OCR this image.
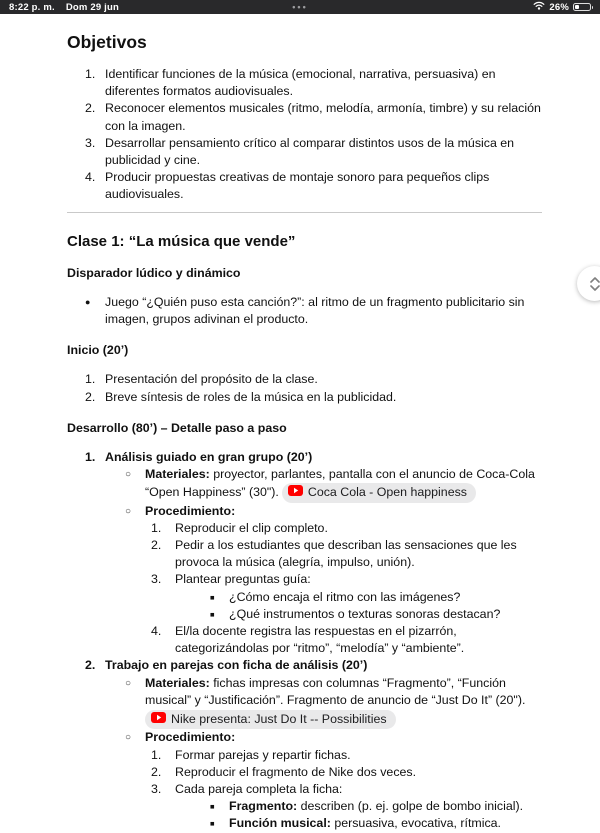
8:22 p. m. Dom 29 jun	•••	26%
Objetivos
1. Identificar funciones de la música (emocional, narrativa, persuasiva) en diferentes formatos audiovisuales.
2. Reconocer elementos musicales (ritmo, melodía, armonía, timbre) y su relación con la imagen.
3. Desarrollar pensamiento crítico al comparar distintos usos de la música en publicidad y cine.
4. Producir propuestas creativas de montaje sonoro para pequeños clips audiovisuales.
Clase 1: “La música que vende”
Disparador lúdico y dinámico
●	Juego “¿Quién puso esta canción?”: al ritmo de un fragmento publicitario sin imagen, grupos adivinan el producto.
Inicio (20’)
1. Presentación del propósito de la clase.
2. Breve síntesis de roles de la música en la publicidad.
Desarrollo (80’) – Detalle paso a paso
1. Análisis guiado en gran grupo (20’)
○	Materiales: proyector, parlantes, pantalla con el anuncio de Coca-Cola “Open Happiness” (30"). Coca Cola - Open happiness
○	Procedimiento:
1.	Reproducir el clip completo.
2.	Pedir a los estudiantes que describan las sensaciones que les provoca la música (alegría, impulso, unión).
3.	Plantear preguntas guía:
■	¿Cómo encaja el ritmo con las imágenes?
■	¿Qué instrumentos o texturas sonoras destacan?
4.	El/la docente registra las respuestas en el pizarrón, categorizándolas por “ritmo”, “melodía” y “ambiente”.
2. Trabajo en parejas con ficha de análisis (20’)
○	Materiales: fichas impresas con columnas “Fragmento”, “Función musical” y “Justificación”. Fragmento de anuncio de “Just Do It” (20").
Nike presenta: Just Do It -- Possibilities
○	Procedimiento:
1.	Formar parejas y repartir fichas.
2.	Reproducir el fragmento de Nike dos veces.
3.	Cada pareja completa la ficha:
■	Fragmento: describen (p. ej. golpe de bombo inicial).
■	Función musical: persuasiva, evocativa, rítmica.
